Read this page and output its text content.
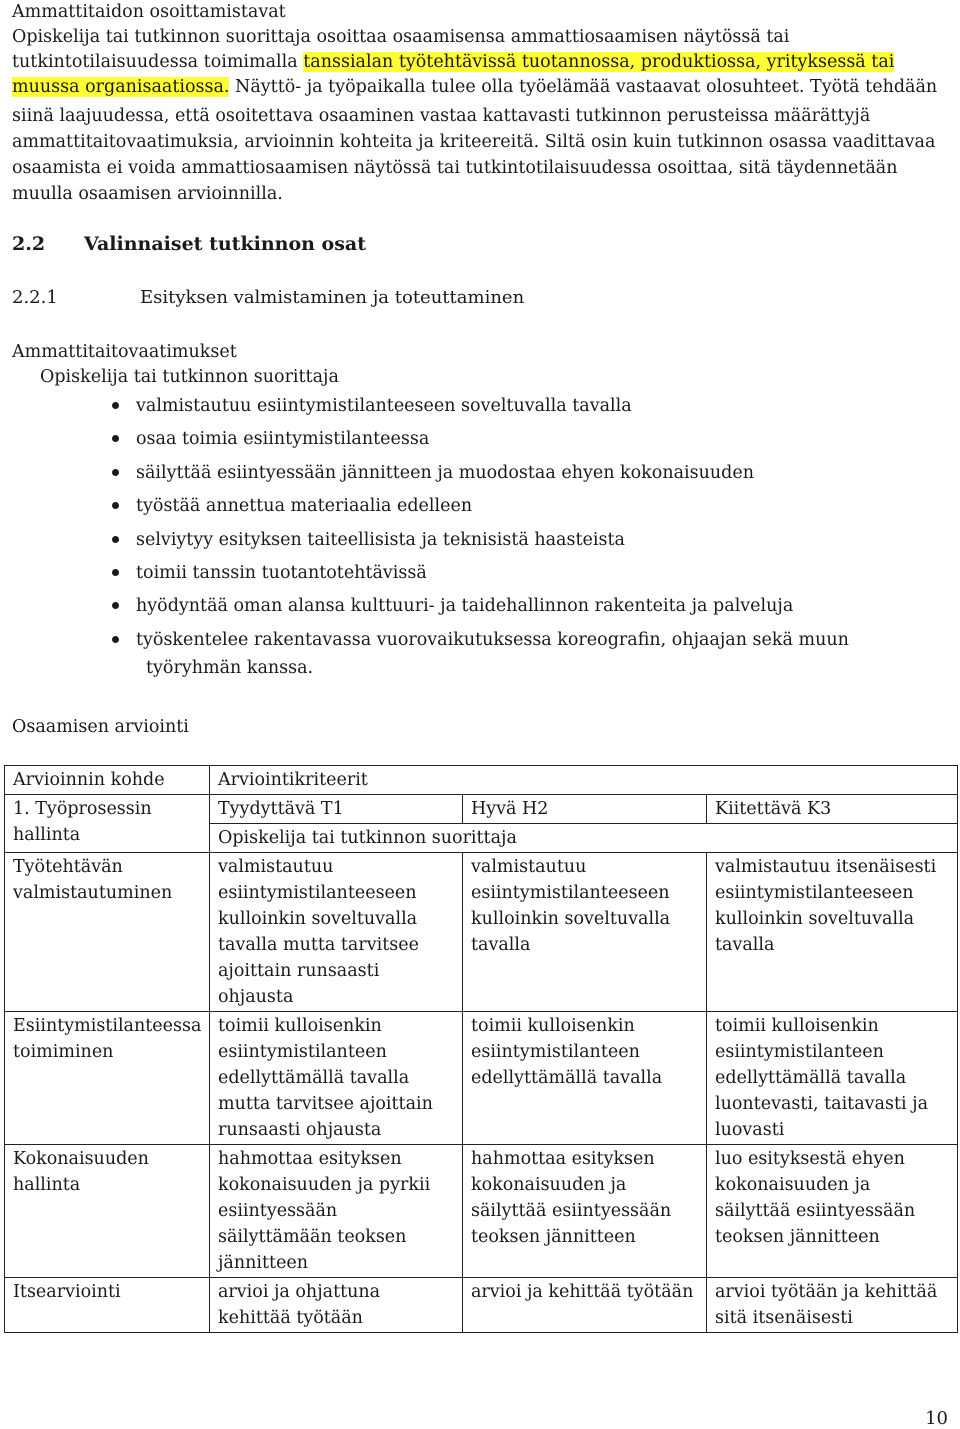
Ammattitaidon osoittamistavat
Opiskelija tai tutkinnon suorittaja osoittaa osaamisensa ammattiosaamisen näytössä tai
tutkintotilaisuudessa toimimalla tanssialan työtehtävissä tuotannossa, produktiossa, yrityksessä tai
muussa organisaatiossa. Näyttö- ja työpaikalla tulee olla työelämää vastaavat olosuhteet. Työtä tehdään
siinä laajuudessa, että osoitettava osaaminen vastaa kattavasti tutkinnon perusteissa määrättyjä
ammattitaitovaatimuksia, arvioinnin kohteita ja kriteereitä. Siltä osin kuin tutkinnon osassa vaadittavaa
osaamista ei voida ammattiosaamisen näytössä tai tutkintotilaisuudessa osoittaa, sitä täydennetään
muulla osaamisen arvioinnilla.
2.2 Valinnaiset tutkinnon osat
2.2.1	Esityksen valmistaminen ja toteuttaminen
Ammattitaitovaatimukset
Opiskelija tai tutkinnon suorittaja
valmistautuu esiintymistilanteeseen soveltuvalla tavalla
osaa toimia esiintymistilanteessa
säilyttää esiintyessään jännitteen ja muodostaa ehyen kokonaisuuden
työstää annettua materiaalia edelleen
selviytyy esityksen taiteellisista ja teknisistä haasteista
toimii tanssin tuotantotehtävissä
hyödyntää oman alansa kulttuuri- ja taidehallinnon rakenteita ja palveluja
työskentelee rakentavassa vuorovaikutuksessa koreografin, ohjaajan sekä muun
työryhmän kanssa.
Osaamisen arviointi
Arvioinnin kohde	Arviointikriteerit		
1. Työprosessin hallinta	Tyydyttävä T1	Hyvä H2	Kiitettävä K3
	Opiskelija tai tutkinnon suorittaja		
Työtehtävän valmistautuminen	valmistautuu esiintymistilanteeseen kulloinkin soveltuvalla tavalla mutta tarvitsee ajoittain runsaasti ohjausta	valmistautuu esiintymistilanteeseen kulloinkin soveltuvalla tavalla	valmistautuu itsenäisesti esiintymistilanteeseen kulloinkin soveltuvalla tavalla
Esiintymistilanteessa toimiminen	toimii kulloisenkin esiintymistilanteen edellyttämällä tavalla mutta tarvitsee ajoittain runsaasti ohjausta	toimii kulloisenkin esiintymistilanteen edellyttämällä tavalla	toimii kulloisenkin esiintymistilanteen edellyttämällä tavalla luontevasti, taitavasti ja luovasti
Kokonaisuuden hallinta	hahmottaa esityksen kokonaisuuden ja pyrkii esiintyessään säilyttämään teoksen jännitteen	hahmottaa esityksen kokonaisuuden ja säilyttää esiintyessään teoksen jännitteen	luo esityksestä ehyen kokonaisuuden ja säilyttää esiintyessään teoksen jännitteen
Itsearviointi	arvioi ja ohjattuna kehittää työtään	arvioi ja kehittää työtään	arvioi työtään ja kehittää sitä itsenäisesti
10
